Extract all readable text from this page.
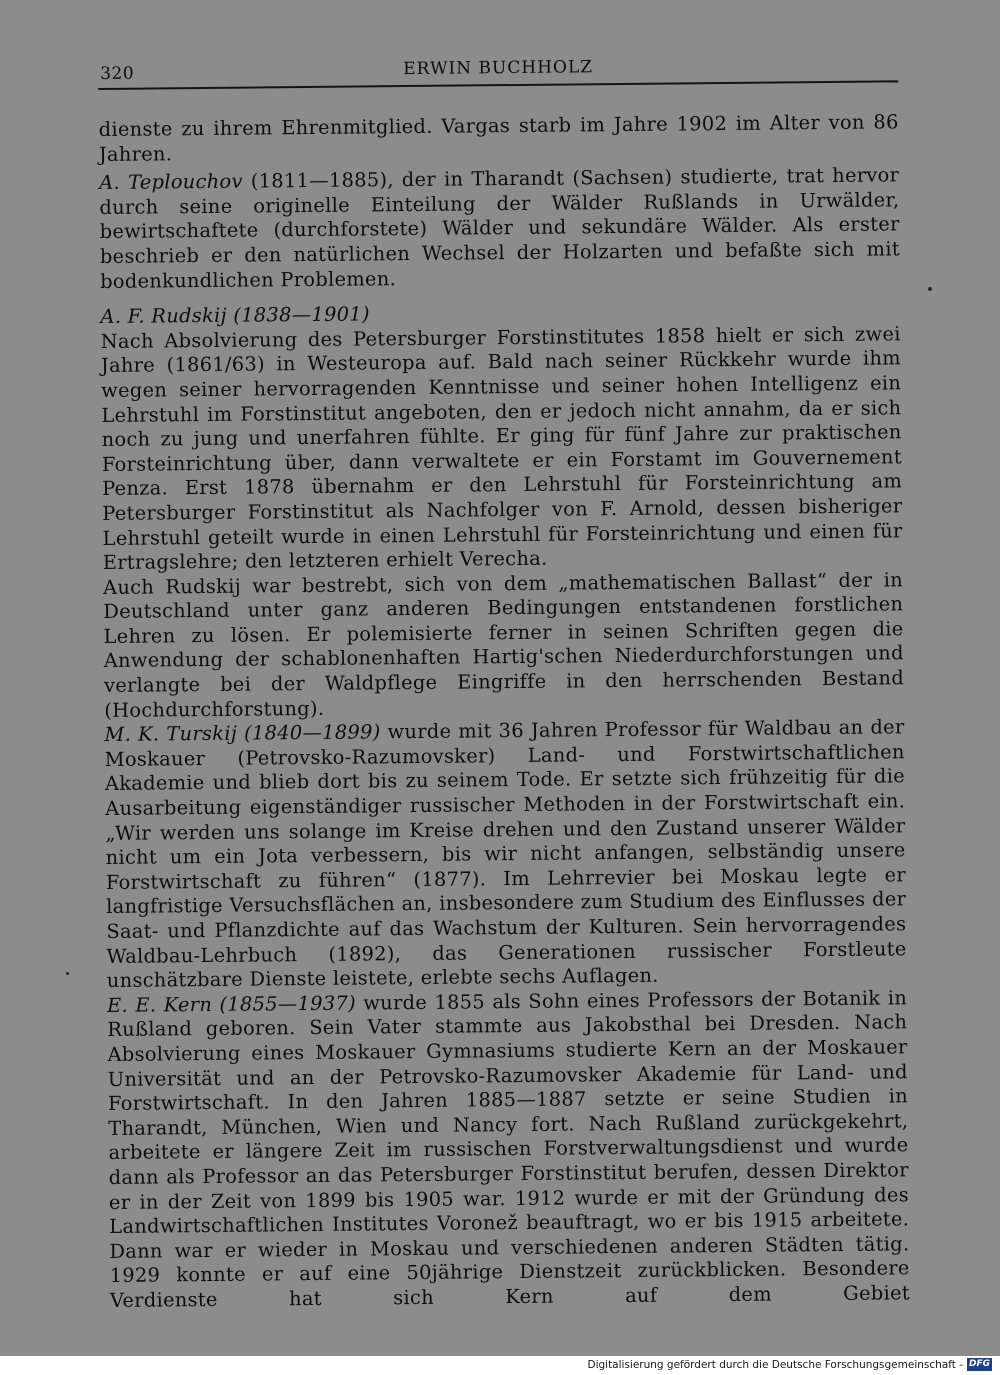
320	ERWIN BUCHHOLZ

dienste zu ihrem Ehrenmitglied. Vargas starb im Jahre 1902 im Alter von 86 Jahren.

A. Teplouchov (1811—1885), der in Tharandt (Sachsen) studierte, trat hervor durch seine originelle Einteilung der Wälder Rußlands in Urwälder, bewirtschaftete (durchforstete) Wälder und sekundäre Wälder. Als erster beschrieb er den natürlichen Wechsel der Holzarten und befaßte sich mit bodenkundlichen Problemen.

A. F. Rudskij (1838—1901)

Nach Absolvierung des Petersburger Forstinstitutes 1858 hielt er sich zwei Jahre (1861/63) in Westeuropa auf. Bald nach seiner Rückkehr wurde ihm wegen seiner hervorragenden Kenntnisse und seiner hohen Intelligenz ein Lehrstuhl im Forstinstitut angeboten, den er jedoch nicht annahm, da er sich noch zu jung und unerfahren fühlte. Er ging für fünf Jahre zur praktischen Forsteinrichtung über, dann verwaltete er ein Forstamt im Gouvernement Penza. Erst 1878 übernahm er den Lehrstuhl für Forsteinrichtung am Petersburger Forstinstitut als Nachfolger von F. Arnold, dessen bisheriger Lehrstuhl geteilt wurde in einen Lehrstuhl für Forsteinrichtung und einen für Ertragslehre; den letzteren erhielt Verecha.

Auch Rudskij war bestrebt, sich von dem „mathematischen Ballast“ der in Deutschland unter ganz anderen Bedingungen entstandenen forstlichen Lehren zu lösen. Er polemisierte ferner in seinen Schriften gegen die Anwendung der schablonenhaften Hartig'schen Niederdurchforstungen und verlangte bei der Waldpflege Eingriffe in den herrschenden Bestand (Hochdurchforstung).

M. K. Turskij (1840—1899) wurde mit 36 Jahren Professor für Waldbau an der Moskauer (Petrovsko-Razumovsker) Land- und Forstwirtschaftlichen Akademie und blieb dort bis zu seinem Tode. Er setzte sich frühzeitig für die Ausarbeitung eigenständiger russischer Methoden in der Forstwirtschaft ein. „Wir werden uns solange im Kreise drehen und den Zustand unserer Wälder nicht um ein Jota verbessern, bis wir nicht anfangen, selbständig unsere Forstwirtschaft zu führen“ (1877). Im Lehrrevier bei Moskau legte er langfristige Versuchsflächen an, insbesondere zum Studium des Einflusses der Saat- und Pflanzdichte auf das Wachstum der Kulturen. Sein hervorragendes Waldbau-Lehrbuch (1892), das Generationen russischer Forstleute unschätzbare Dienste leistete, erlebte sechs Auflagen.

E. E. Kern (1855—1937) wurde 1855 als Sohn eines Professors der Botanik in Rußland geboren. Sein Vater stammte aus Jakobsthal bei Dresden. Nach Absolvierung eines Moskauer Gymnasiums studierte Kern an der Moskauer Universität und an der Petrovsko-Razumovsker Akademie für Land- und Forstwirtschaft. In den Jahren 1885—1887 setzte er seine Studien in Tharandt, München, Wien und Nancy fort. Nach Rußland zurückgekehrt, arbeitete er längere Zeit im russischen Forstverwaltungsdienst und wurde dann als Professor an das Petersburger Forstinstitut berufen, dessen Direktor er in der Zeit von 1899 bis 1905 war. 1912 wurde er mit der Gründung des Landwirtschaftlichen Institutes Voronež beauftragt, wo er bis 1915 arbeitete. Dann war er wieder in Moskau und verschiedenen anderen Städten tätig. 1929 konnte er auf eine 50jährige Dienstzeit zurückblicken. Besondere Verdienste hat sich Kern auf dem Gebiet

Digitalisierung gefördert durch die Deutsche Forschungsgemeinschaft - DFG
